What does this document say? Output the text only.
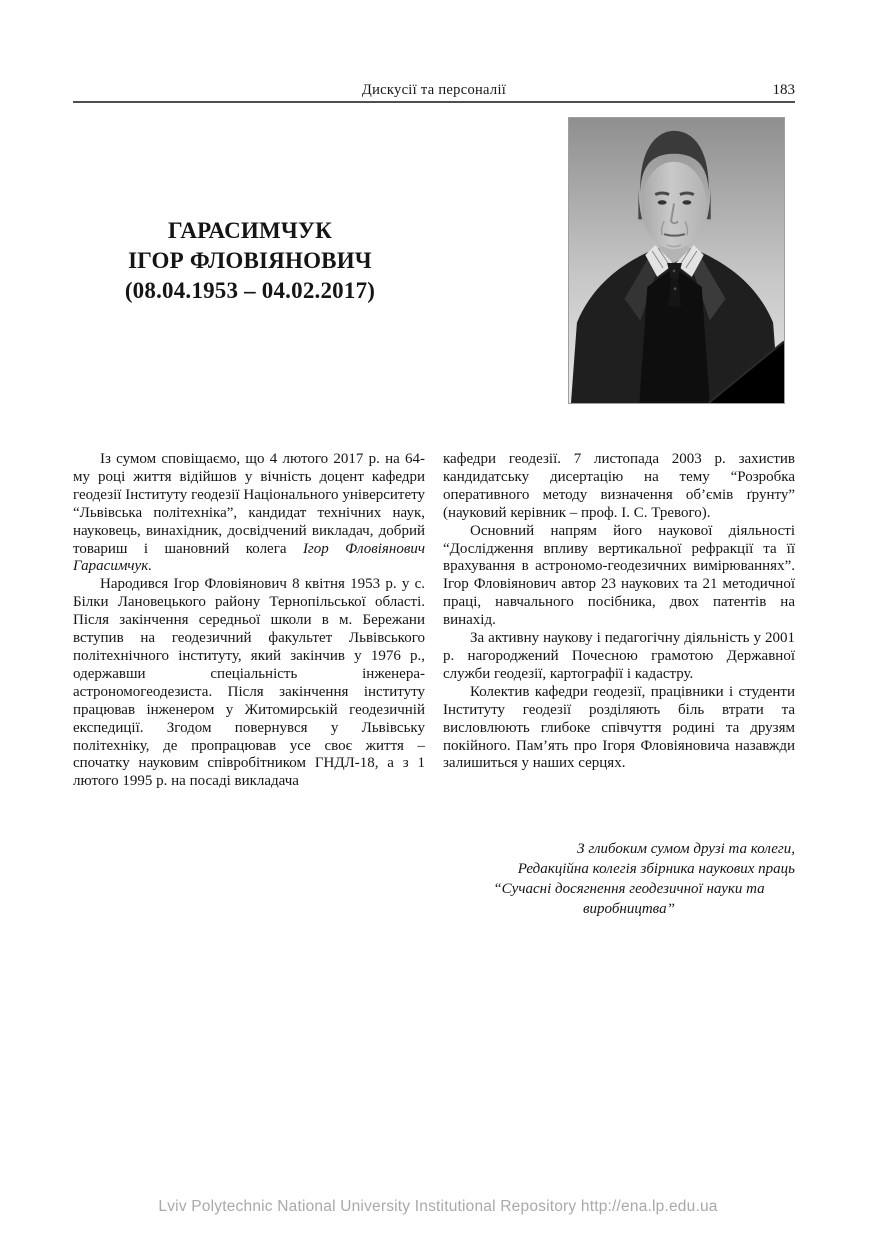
Дискусії та персоналії	183
ГАРАСИМЧУК
ІГОР ФЛОВІЯНОВИЧ
(08.04.1953 – 04.02.2017)

Із сумом сповіщаємо, що 4 лютого 2017 р. на 64-му році життя відійшов у вічність доцент кафедри геодезії Інституту геодезії Національного університету “Львівська політехніка”, кандидат технічних наук, науковець, винахідник, досвідчений викладач, добрий товариш і шановний колега Ігор Фловіянович Гарасимчук.

Народився Ігор Фловіянович 8 квітня 1953 р. у с. Білки Лановецького району Тернопільської області. Після закінчення середньої школи в м. Бережани вступив на геодезичний факультет Львівського політехнічного інституту, який закінчив у 1976 р., одержавши спеціальність інженера-астрономогеодезиста. Після закінчення інституту працював інженером у Житомирській геодезичній експедиції. Згодом повернувся у Львівську політехніку, де пропрацював усе своє життя – спочатку науковим співробітником ГНДЛ-18, а з 1 лютого 1995 р. на посаді викладача

кафедри геодезії. 7 листопада 2003 р. захистив кандидатську дисертацію на тему “Розробка оперативного методу визначення об’ємів ґрунту” (науковий керівник – проф. І. С. Тревого).

Основний напрям його наукової діяльності “Дослідження впливу вертикальної рефракції та її врахування в астрономо-геодезичних вимірюваннях”. Ігор Фловіянович автор 23 наукових та 21 методичної праці, навчального посібника, двох патентів на винахід.

За активну наукову і педагогічну діяльність у 2001 р. нагороджений Почесною грамотою Державної служби геодезії, картографії і кадастру.

Колектив кафедри геодезії, працівники і студенти Інституту геодезії розділяють біль втрати та висловлюють глибоке співчуття родині та друзям покійного. Пам’ять про Ігоря Фловіяновича назавжди залишиться у наших серцях.

З глибоким сумом друзі та колеги,
Редакційна колегія збірника наукових праць
“Сучасні досягнення геодезичної науки та виробництва”
Lviv Polytechnic National University Institutional Repository http://ena.lp.edu.ua
